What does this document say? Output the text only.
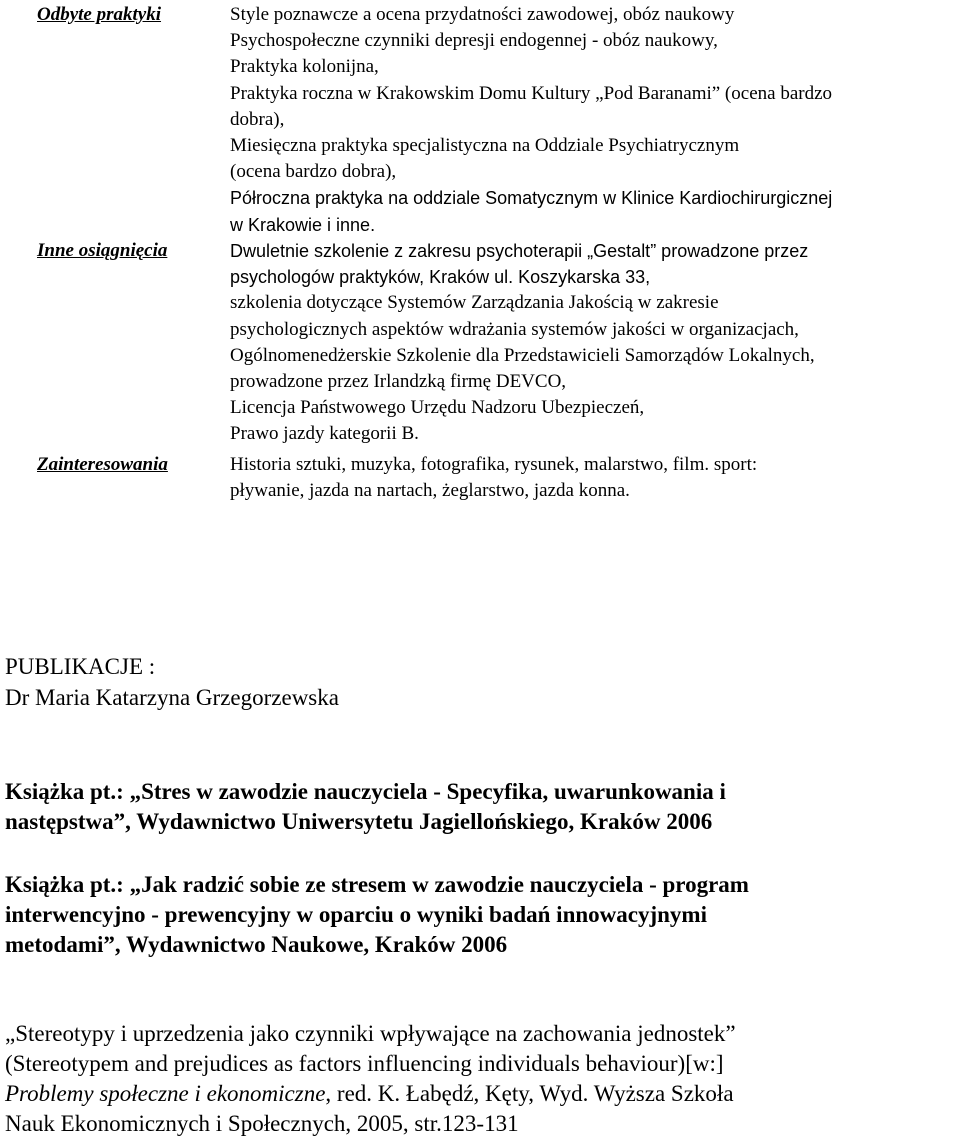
Odbyte praktyki	Style poznawcze a ocena przydatności zawodowej, obóz naukowy
Psychospołeczne czynniki depresji endogennej - obóz naukowy,
Praktyka kolonijna,
Praktyka roczna w Krakowskim Domu Kultury „Pod Baranami” (ocena bardzo
dobra),
Miesięczna praktyka specjalistyczna na Oddziale Psychiatrycznym
(ocena bardzo dobra),
Półroczna praktyka na oddziale Somatycznym w Klinice Kardiochirurgicznej
w Krakowie i inne.
Inne osiągnięcia	Dwuletnie szkolenie z zakresu psychoterapii „Gestalt” prowadzone przez
psychologów praktyków, Kraków ul. Koszykarska 33,
szkolenia dotyczące Systemów Zarządzania Jakością w zakresie
psychologicznych aspektów wdrażania systemów jakości w organizacjach,
Ogólnomenedżerskie Szkolenie dla Przedstawicieli Samorządów Lokalnych,
prowadzone przez Irlandzką firmę DEVCO,
Licencja Państwowego Urzędu Nadzoru Ubezpieczeń,
Prawo jazdy kategorii B.
Zainteresowania	Historia sztuki, muzyka, fotografika, rysunek, malarstwo, film. sport:
pływanie, jazda na nartach, żeglarstwo, jazda konna.
PUBLIKACJE :
Dr Maria Katarzyna Grzegorzewska
Książka pt.: „Stres w zawodzie nauczyciela - Specyfika, uwarunkowania i
następstwa”, Wydawnictwo Uniwersytetu Jagiellońskiego, Kraków 2006
Książka pt.: „Jak radzić sobie ze stresem w zawodzie nauczyciela - program
interwencyjno - prewencyjny w oparciu o wyniki badań innowacyjnymi
metodami”, Wydawnictwo Naukowe, Kraków 2006
„Stereotypy i uprzedzenia jako czynniki wpływające na zachowania jednostek”
(Stereotypem and prejudices as factors influencing individuals behaviour)[w:]
Problemy społeczne i ekonomiczne, red. K. Łabędź, Kęty, Wyd. Wyższa Szkoła
Nauk Ekonomicznych i Społecznych, 2005, str.123-131
